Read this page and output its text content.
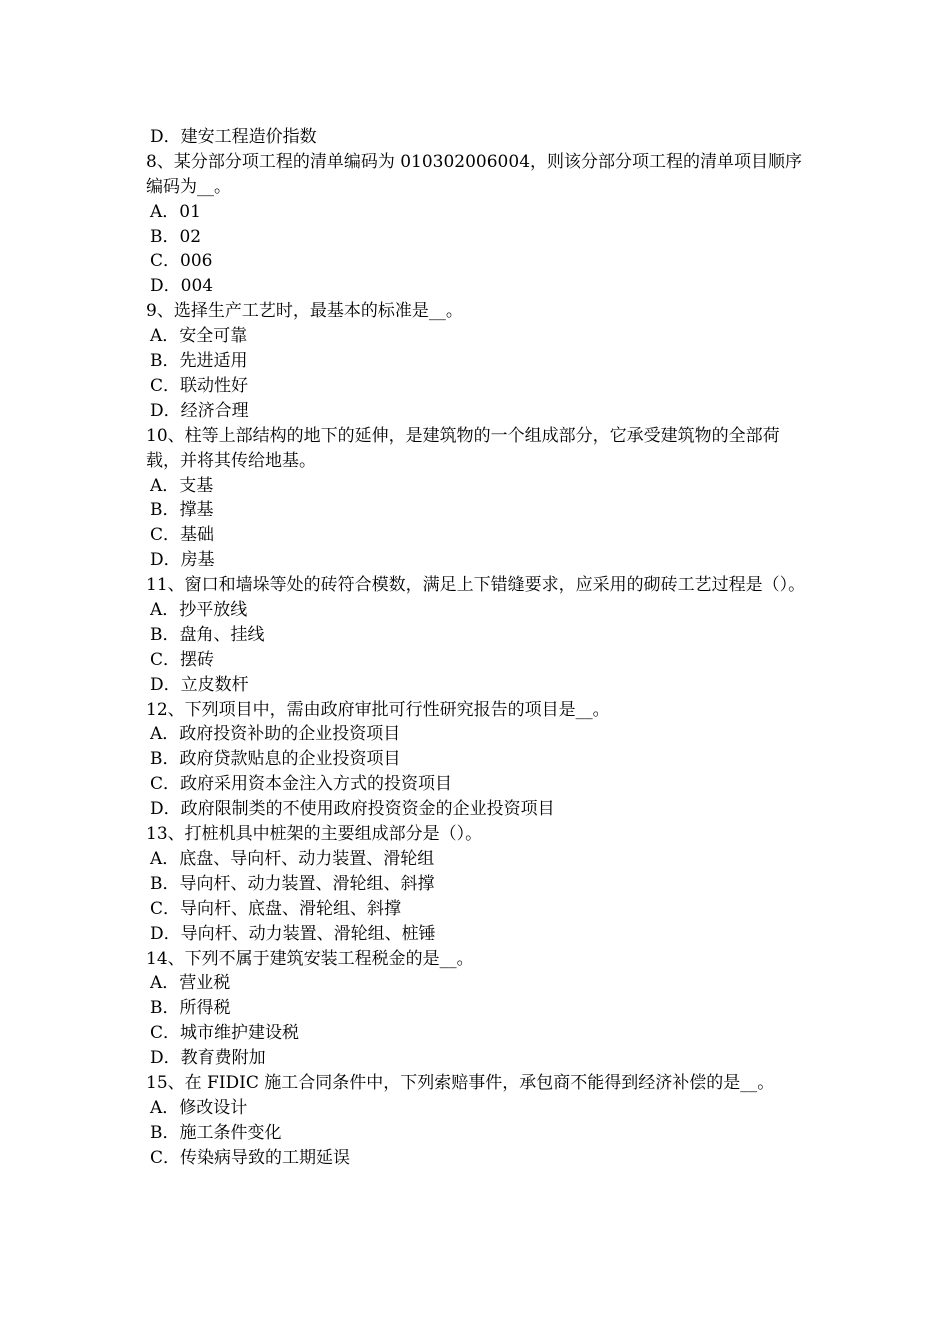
D．建安工程造价指数
8、某分部分项工程的清单编码为 010302006004，则该分部分项工程的清单项目顺序编码为__。
A．01
B．02
C．006
D．004
9、选择生产工艺时，最基本的标准是__。
A．安全可靠
B．先进适用
C．联动性好
D．经济合理
10、柱等上部结构的地下的延伸，是建筑物的一个组成部分，它承受建筑物的全部荷载，并将其传给地基。
A．支基
B．撑基
C．基础
D．房基
11、窗口和墙垛等处的砖符合模数，满足上下错缝要求，应采用的砌砖工艺过程是（）。
A．抄平放线
B．盘角、挂线
C．摆砖
D．立皮数杆
12、下列项目中，需由政府审批可行性研究报告的项目是__。
A．政府投资补助的企业投资项目
B．政府贷款贴息的企业投资项目
C．政府采用资本金注入方式的投资项目
D．政府限制类的不使用政府投资资金的企业投资项目
13、打桩机具中桩架的主要组成部分是（）。
A．底盘、导向杆、动力装置、滑轮组
B．导向杆、动力装置、滑轮组、斜撑
C．导向杆、底盘、滑轮组、斜撑
D．导向杆、动力装置、滑轮组、桩锤
14、下列不属于建筑安装工程税金的是__。
A．营业税
B．所得税
C．城市维护建设税
D．教育费附加
15、在 FIDIC 施工合同条件中，下列索赔事件，承包商不能得到经济补偿的是__。
A．修改设计
B．施工条件变化
C．传染病导致的工期延误
